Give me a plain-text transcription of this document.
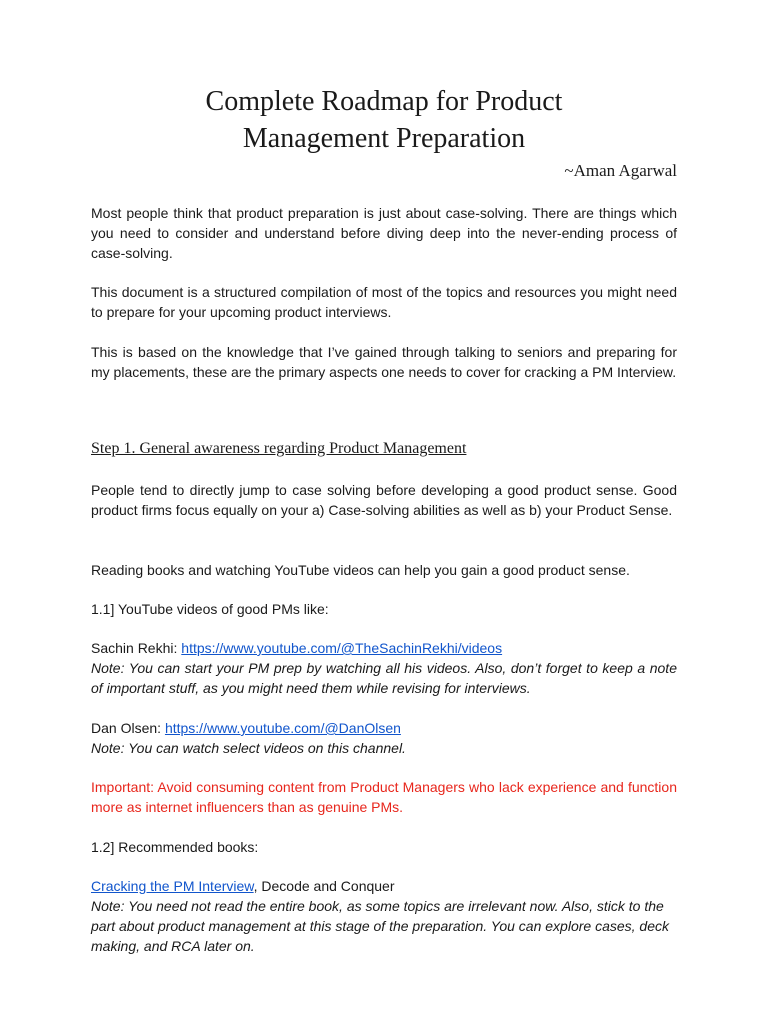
Complete Roadmap for Product
Management Preparation
~Aman Agarwal

Most people think that product preparation is just about case-solving. There are things which you need to consider and understand before diving deep into the never-ending process of case-solving.

This document is a structured compilation of most of the topics and resources you might need to prepare for your upcoming product interviews.

This is based on the knowledge that I’ve gained through talking to seniors and preparing for my placements, these are the primary aspects one needs to cover for cracking a PM Interview.

Step 1. General awareness regarding Product Management

People tend to directly jump to case solving before developing a good product sense. Good product firms focus equally on your a) Case-solving abilities as well as b) your Product Sense.

Reading books and watching YouTube videos can help you gain a good product sense.

1.1] YouTube videos of good PMs like:

Sachin Rekhi: https://www.youtube.com/@TheSachinRekhi/videos

Note: You can start your PM prep by watching all his videos. Also, don’t forget to keep a note of important stuff, as you might need them while revising for interviews.

Dan Olsen: https://www.youtube.com/@DanOlsen

Note: You can watch select videos on this channel.

Important: Avoid consuming content from Product Managers who lack experience and function more as internet influencers than as genuine PMs.

1.2] Recommended books:

Cracking the PM Interview, Decode and Conquer

Note: You need not read the entire book, as some topics are irrelevant now. Also, stick to the part about product management at this stage of the preparation. You can explore cases, deck making, and RCA later on.
